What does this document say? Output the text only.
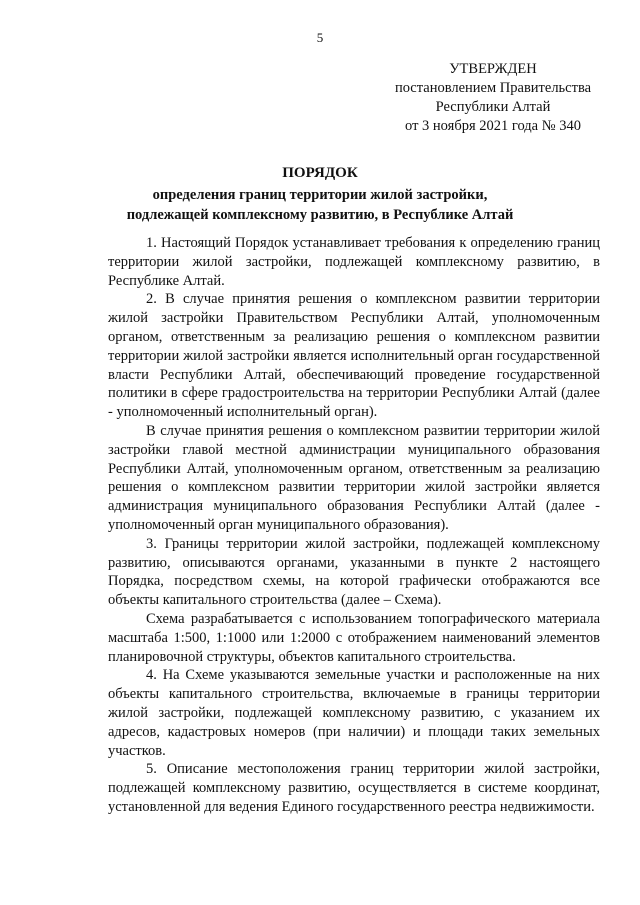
5
УТВЕРЖДЕН
постановлением Правительства
Республики Алтай
от 3 ноября 2021 года № 340
ПОРЯДОК
определения границ территории жилой застройки, подлежащей комплексному развитию, в Республике Алтай

1. Настоящий Порядок устанавливает требования к определению границ территории жилой застройки, подлежащей комплексному развитию, в Республике Алтай.

2. В случае принятия решения о комплексном развитии территории жилой застройки Правительством Республики Алтай, уполномоченным органом, ответственным за реализацию решения о комплексном развитии территории жилой застройки является исполнительный орган государственной власти Республики Алтай, обеспечивающий проведение государственной политики в сфере градостроительства на территории Республики Алтай (далее - уполномоченный исполнительный орган).

В случае принятия решения о комплексном развитии территории жилой застройки главой местной администрации муниципального образования Республики Алтай, уполномоченным органом, ответственным за реализацию решения о комплексном развитии территории жилой застройки является администрация муниципального образования Республики Алтай (далее - уполномоченный орган муниципального образования).

3. Границы территории жилой застройки, подлежащей комплексному развитию, описываются органами, указанными в пункте 2 настоящего Порядка, посредством схемы, на которой графически отображаются все объекты капитального строительства (далее – Схема).

Схема разрабатывается с использованием топографического материала масштаба 1:500, 1:1000 или 1:2000 с отображением наименований элементов планировочной структуры, объектов капитального строительства.

4. На Схеме указываются земельные участки и расположенные на них объекты капитального строительства, включаемые в границы территории жилой застройки, подлежащей комплексному развитию, с указанием их адресов, кадастровых номеров (при наличии) и площади таких земельных участков.

5. Описание местоположения границ территории жилой застройки, подлежащей комплексному развитию, осуществляется в системе координат, установленной для ведения Единого государственного реестра недвижимости.
